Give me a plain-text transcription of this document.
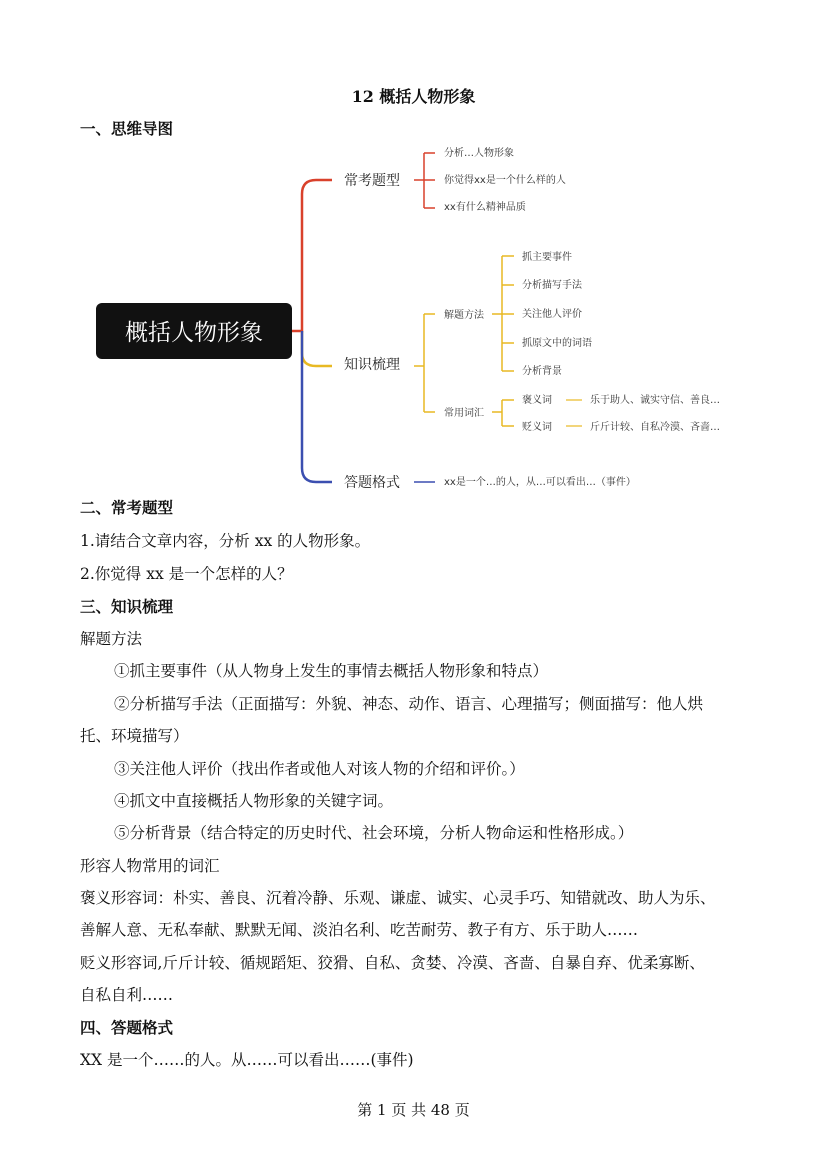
12 概括人物形象
一、思维导图
概括人物形象
常考题型
分析…人物形象
你觉得xx是一个什么样的人
xx有什么精神品质
知识梳理
解题方法
抓主要事件
分析描写手法
关注他人评价
抓原文中的词语
分析背景
常用词汇
褒义词	乐于助人、诚实守信、善良…
贬义词	斤斤计较、自私冷漠、吝啬…
答题格式	xx是一个…的人，从…可以看出…（事件）
二、常考题型
1.请结合文章内容，分析 xx 的人物形象。
2.你觉得 xx 是一个怎样的人？
三、知识梳理
解题方法
①抓主要事件（从人物身上发生的事情去概括人物形象和特点）
②分析描写手法（正面描写：外貌、神态、动作、语言、心理描写；侧面描写：他人烘
托、环境描写）
③关注他人评价（找出作者或他人对该人物的介绍和评价。）
④抓文中直接概括人物形象的关键字词。
⑤分析背景（结合特定的历史时代、社会环境，分析人物命运和性格形成。）
形容人物常用的词汇
褒义形容词：朴实、善良、沉着冷静、乐观、谦虚、诚实、心灵手巧、知错就改、助人为乐、
善解人意、无私奉献、默默无闻、淡泊名利、吃苦耐劳、教子有方、乐于助人……
贬义形容词,斤斤计较、循规蹈矩、狡猾、自私、贪婪、冷漠、吝啬、自暴自弃、优柔寡断、
自私自利……
四、答题格式
XX 是一个……的人。从……可以看出……(事件)
第 1 页 共 48 页
